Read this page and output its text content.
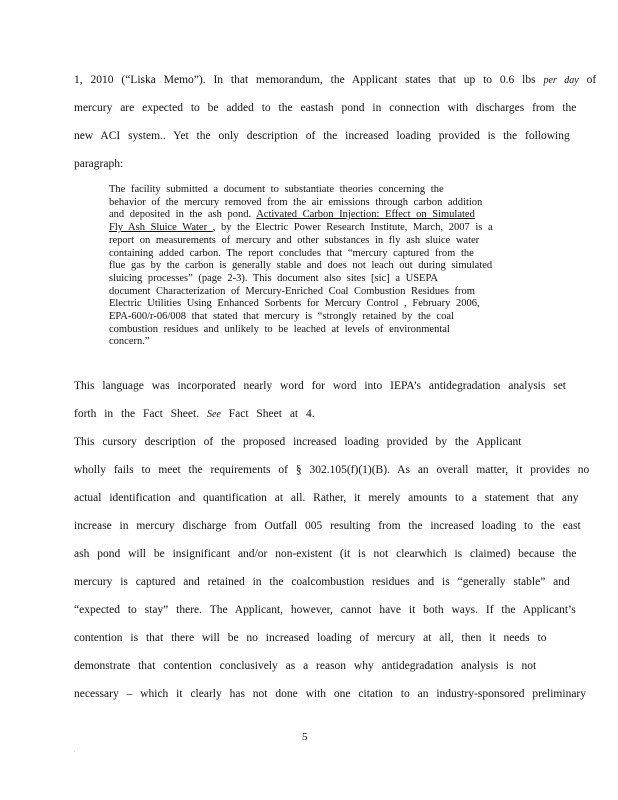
1, 2010 (“Liska Memo”). In that memorandum, the Applicant states that up to 0.6 lbs per day of
mercury are expected to be added to the eastash pond in connection with discharges from the
new ACI system.. Yet the only description of the increased loading provided is the following
paragraph:
The facility submitted a document to substantiate theories concerning the
behavior of the mercury removed from the air emissions through carbon addition
and deposited in the ash pond. Activated Carbon Injection: Effect on Simulated
Fly Ash Sluice Water , by the Electric Power Research Institute, March, 2007 is a
report on measurements of mercury and other substances in fly ash sluice water
containing added carbon. The report concludes that “mercury captured from the
flue gas by the carbon is generally stable and does not leach out during simulated
sluicing processes” (page 2-3). This document also sites [sic] a USEPA
document Characterization of Mercury-Enriched Coal Combustion Residues from
Electric Utilities Using Enhanced Sorbents for Mercury Control , February 2006,
EPA-600/r-06/008 that stated that mercury is “strongly retained by the coal
combustion residues and unlikely to be leached at levels of environmental
concern.”
This language was incorporated nearly word for word into IEPA’s antidegradation analysis set
forth in the Fact Sheet. See Fact Sheet at 4.
This cursory description of the proposed increased loading provided by the Applicant
wholly fails to meet the requirements of § 302.105(f)(1)(B). As an overall matter, it provides no
actual identification and quantification at all. Rather, it merely amounts to a statement that any
increase in mercury discharge from Outfall 005 resulting from the increased loading to the east
ash pond will be insignificant and/or non-existent (it is not clearwhich is claimed) because the
mercury is captured and retained in the coalcombustion residues and is “generally stable” and
“expected to stay” there. The Applicant, however, cannot have it both ways. If the Applicant’s
contention is that there will be no increased loading of mercury at all, then it needs to
demonstrate that contention conclusively as a reason why antidegradation analysis is not
necessary – which it clearly has not done with one citation to an industry-sponsored preliminary
5
.
